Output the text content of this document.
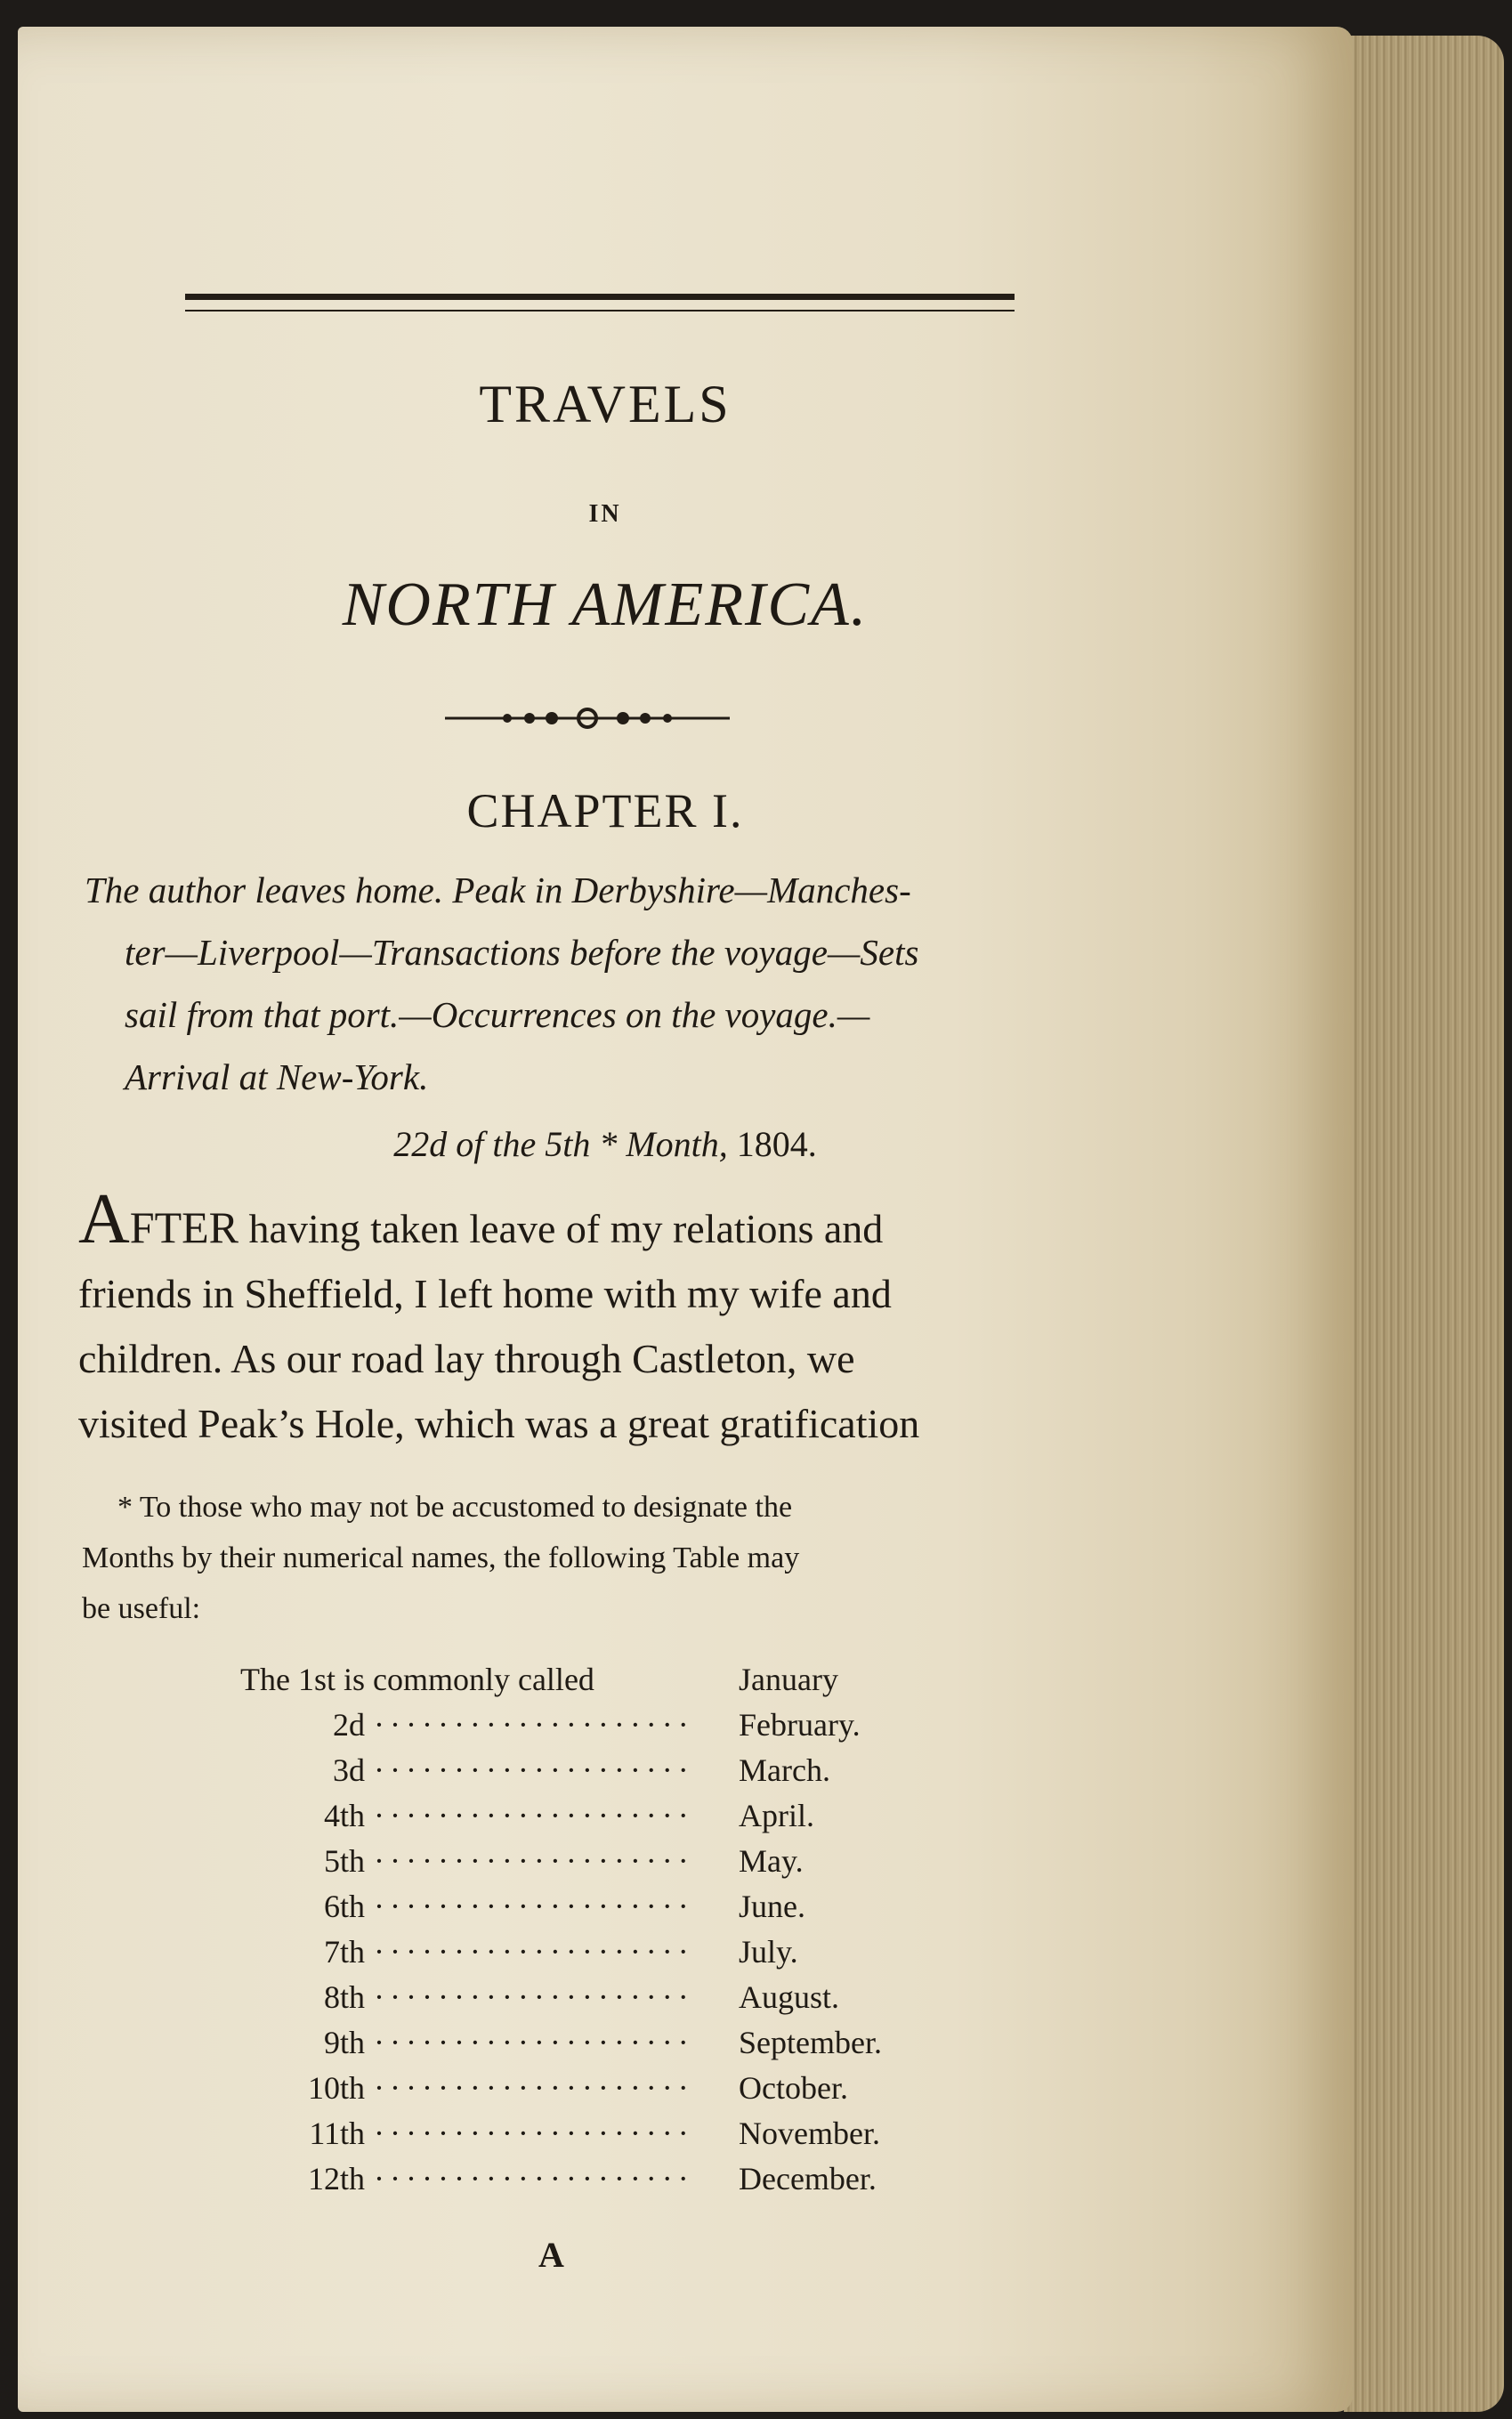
TRAVELS
IN
NORTH AMERICA.
CHAPTER I.
The author leaves home. Peak in Derbyshire—Manches-
ter—Liverpool—Transactions before the voyage—Sets
sail from that port.—Occurrences on the voyage.—
Arrival at New-York.
22d of the 5th * Month, 1804.
AFTER having taken leave of my relations and
friends in Sheffield, I left home with my wife and
children. As our road lay through Castleton, we
visited Peak’s Hole, which was a great gratification
* To those who may not be accustomed to designate the
Months by their numerical names, the following Table may
be useful:
The 1st is commonly called	January
2d ····················	February.
3d ····················	March.
4th ····················	April.
5th ····················	May.
6th ····················	June.
7th ····················	July.
8th ····················	August.
9th ····················	September.
10th ····················	October.
11th ····················	November.
12th ····················	December.
A
